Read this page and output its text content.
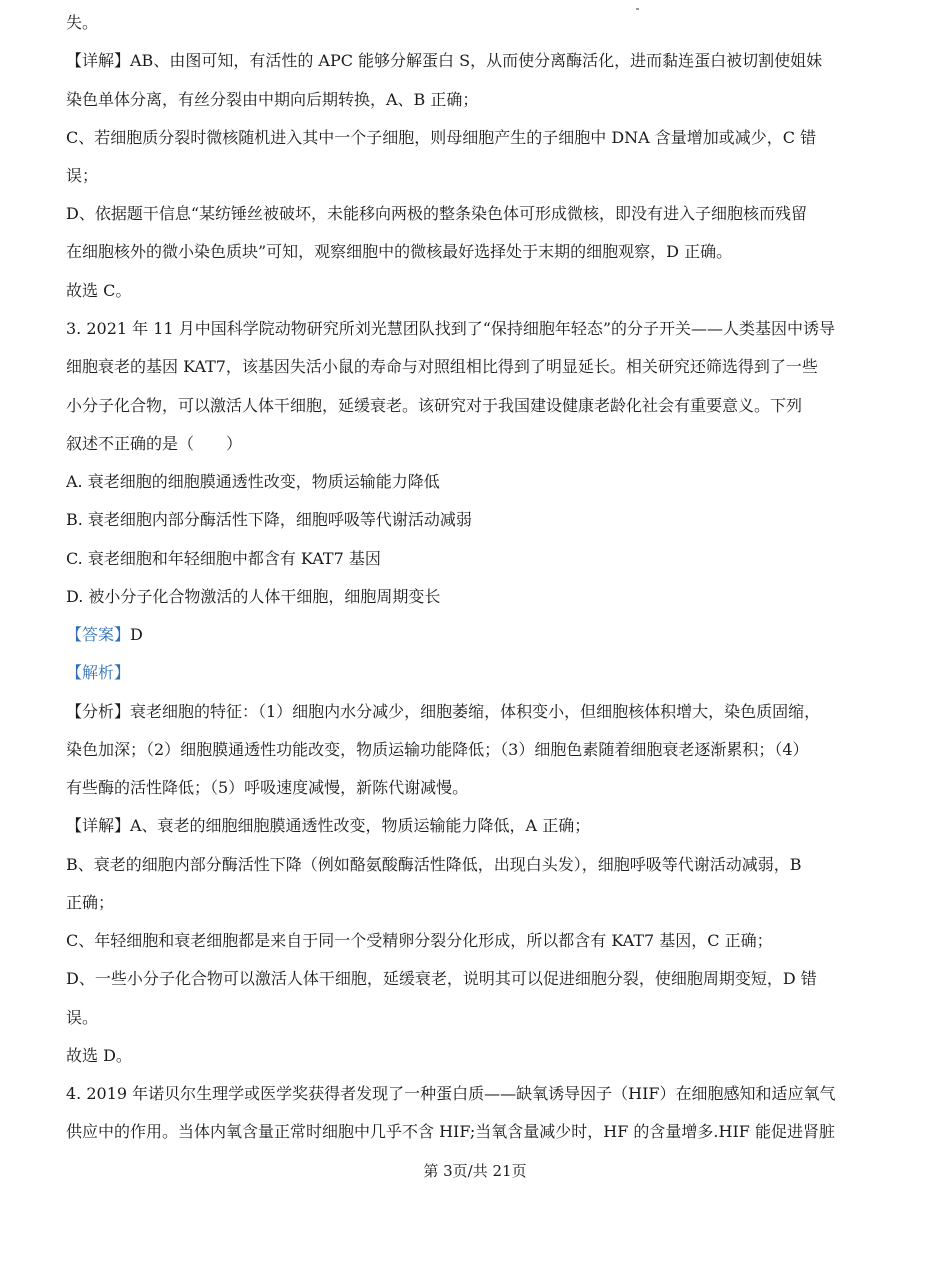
失。
【详解】AB、由图可知，有活性的 APC 能够分解蛋白 S，从而使分离酶活化，进而黏连蛋白被切割使姐妹
染色单体分离，有丝分裂由中期向后期转换，A、B 正确；
C、若细胞质分裂时微核随机进入其中一个子细胞，则母细胞产生的子细胞中 DNA 含量增加或减少，C 错
误；
D、依据题干信息“某纺锤丝被破坏，未能移向两极的整条染色体可形成微核，即没有进入子细胞核而残留
在细胞核外的微小染色质块”可知，观察细胞中的微核最好选择处于末期的细胞观察，D 正确。
故选 C。
3. 2021 年 11 月中国科学院动物研究所刘光慧团队找到了“保持细胞年轻态”的分子开关——人类基因中诱导
细胞衰老的基因 KAT7，该基因失活小鼠的寿命与对照组相比得到了明显延长。相关研究还筛选得到了一些
小分子化合物，可以激活人体干细胞，延缓衰老。该研究对于我国建设健康老龄化社会有重要意义。下列
叙述不正确的是（　　）
A. 衰老细胞的细胞膜通透性改变，物质运输能力降低
B. 衰老细胞内部分酶活性下降，细胞呼吸等代谢活动减弱
C. 衰老细胞和年轻细胞中都含有 KAT7 基因
D. 被小分子化合物激活的人体干细胞，细胞周期变长
【答案】D
【解析】
【分析】衰老细胞的特征：（1）细胞内水分减少，细胞萎缩，体积变小，但细胞核体积增大，染色质固缩，
染色加深；（2）细胞膜通透性功能改变，物质运输功能降低；（3）细胞色素随着细胞衰老逐渐累积；（4）
有些酶的活性降低；（5）呼吸速度减慢，新陈代谢减慢。
【详解】A、衰老的细胞细胞膜通透性改变，物质运输能力降低，A 正确；
B、衰老的细胞内部分酶活性下降（例如酪氨酸酶活性降低，出现白头发），细胞呼吸等代谢活动减弱，B
正确；
C、年轻细胞和衰老细胞都是来自于同一个受精卵分裂分化形成，所以都含有 KAT7 基因，C 正确；
D、一些小分子化合物可以激活人体干细胞，延缓衰老，说明其可以促进细胞分裂，使细胞周期变短，D 错
误。
故选 D。
4. 2019 年诺贝尔生理学或医学奖获得者发现了一种蛋白质——缺氧诱导因子（HIF）在细胞感知和适应氧气
供应中的作用。当体内氧含量正常时细胞中几乎不含 HIF;当氧含量减少时，HF 的含量增多.HIF 能促进肾脏
第 3页/共 21页
